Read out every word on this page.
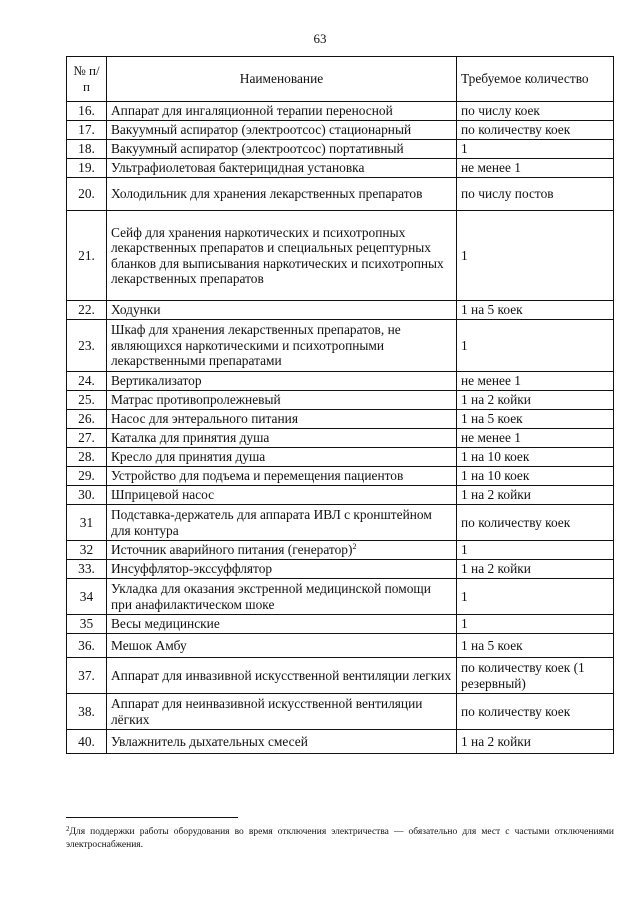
63
№ п/п	Наименование	Требуемое количество
16.	Аппарат для ингаляционной терапии переносной	по числу коек
17.	Вакуумный аспиратор (электроотсос) стационарный	по количеству коек
18.	Вакуумный аспиратор (электроотсос) портативный	1
19.	Ультрафиолетовая бактерицидная установка	не менее 1
20.	Холодильник для хранения лекарственных препаратов	по числу постов
21.	Сейф для хранения наркотических и психотропных лекарственных препаратов и специальных рецептурных бланков для выписывания наркотических и психотропных лекарственных препаратов	1
22.	Ходунки	1 на 5 коек
23.	Шкаф для хранения лекарственных препаратов, не являющихся наркотическими и психотропными лекарственными препаратами	1
24.	Вертикализатор	не менее 1
25.	Матрас противопролежневый	1 на 2 койки
26.	Насос для энтерального питания	1 на 5 коек
27.	Каталка для принятия душа	не менее 1
28.	Кресло для принятия душа	1 на 10 коек
29.	Устройство для подъема и перемещения пациентов	1 на 10 коек
30.	Шприцевой насос	1 на 2 койки
31	Подставка-держатель для аппарата ИВЛ с кронштейном для контура	по количеству коек
32	Источник аварийного питания (генератор)$^2$	1
33.	Инсуффлятор-экссуффлятор	1 на 2 койки
34	Укладка для оказания экстренной медицинской помощи при анафилактическом шоке	1
35	Весы медицинские	1
36.	Мешок Амбу	1 на 5 коек
37.	Аппарат для инвазивной искусственной вентиляции легких	по количеству коек (1 резервный)
38.	Аппарат для неинвазивной искусственной вентиляции лёгких	по количеству коек
40.	Увлажнитель дыхательных смесей	1 на 2 койки
$^2$Для поддержки работы оборудования во время отключения электричества — обязательно для мест с частыми отключениями электроснабжения.
